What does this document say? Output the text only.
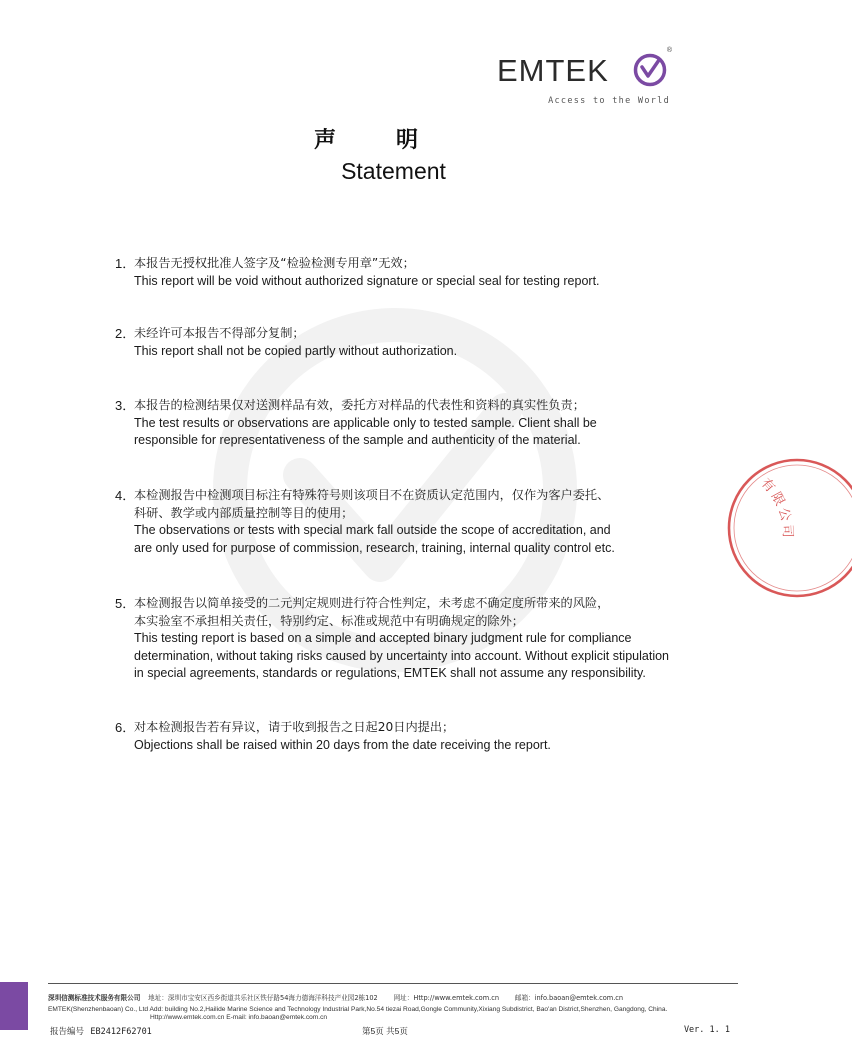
EMTEK
®
Access to the World
声明
Statement
1．
本报告无授权批准人签字及“检验检测专用章”无效；
This report will be void without authorized signature or special seal for testing report.
2．
未经许可本报告不得部分复制；
This report shall not be copied partly without authorization.
3．
本报告的检测结果仅对送测样品有效，委托方对样品的代表性和资料的真实性负责；
The test results or observations are applicable only to tested sample. Client shall be
responsible for representativeness of the sample and authenticity of the material.
4．
本检测报告中检测项目标注有特殊符号则该项目不在资质认定范围内，仅作为客户委托、
科研、教学或内部质量控制等目的使用；
The observations or tests with special mark fall outside the scope of accreditation, and
are only used for purpose of commission, research, training, internal quality control etc.
5．
本检测报告以简单接受的二元判定规则进行符合性判定，未考虑不确定度所带来的风险，
本实验室不承担相关责任，特别约定、标准或规范中有明确规定的除外；
This testing report is based on a simple and accepted binary judgment rule for compliance
determination, without taking risks caused by uncertainty into account. Without explicit stipulation
in special agreements, standards or regulations, EMTEK shall not assume any responsibility.
6．
对本检测报告若有异议，请于收到报告之日起20日内提出；
Objections shall be raised within 20 days from the date receiving the report.
有限公司
深圳信测标准技术服务有限公司 地址：深圳市宝安区西乡街道共乐社区铁仔路54海力德海洋科技产业园2栋102 网址：Http://www.emtek.com.cn 邮箱：info.baoan@emtek.com.cn
EMTEK(Shenzhenbaoan) Co., Ltd Add: building No.2,Hailide Marine Science and Technology Industrial Park,No.54 tiezai Road,Gongle Community,Xixiang Subdistrict, Bao'an District,Shenzhen, Gangdong, China.
Http://www.emtek.com.cn E-mail: info.baoan@emtek.com.cn
报告编号 EB2412F62701	第5页 共5页	Ver. 1. 1
